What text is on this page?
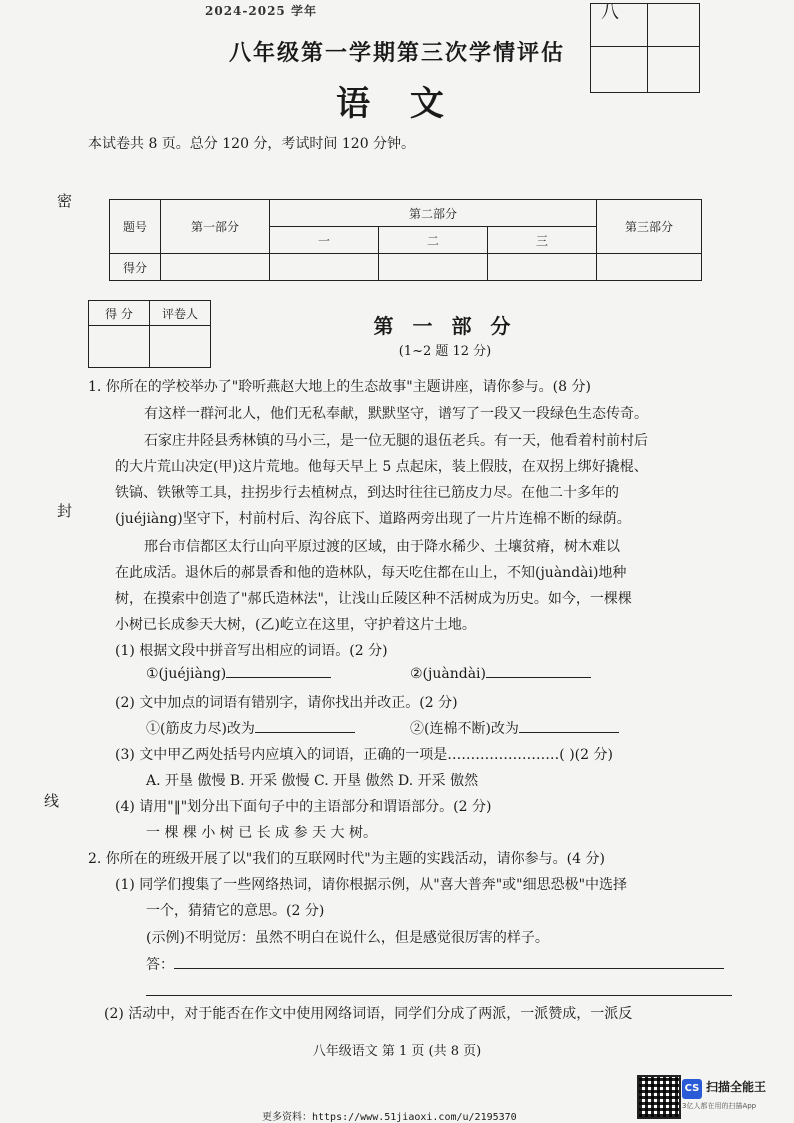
2024-2025 学年	八
八年级第一学期第三次学情评估
语 文
本试卷共 8 页。总分 120 分，考试时间 120 分钟。
密
封
线
题号	第一部分	第二部分			第三部分
		一	二	三	
得分					
得 分	评卷人

第 一 部 分
(1~2 题 12 分)
1. 你所在的学校举办了"聆听燕赵大地上的生态故事"主题讲座，请你参与。(8 分)
有这样一群河北人，他们无私奉献，默默坚守，谱写了一段又一段绿色生态传奇。
石家庄井陉县秀林镇的马小三，是一位无腿的退伍老兵。有一天，他看着村前村后
的大片荒山决定(甲)这片荒地。他每天早上 5 点起床，装上假肢，在双拐上绑好撬棍、
铁镐、铁锹等工具，拄拐步行去植树点，到达时往往已筋皮力尽。在他二十多年的
(juéjiàng)坚守下，村前村后、沟谷底下、道路两旁出现了一片片连棉不断的绿荫。
邢台市信都区太行山向平原过渡的区域，由于降水稀少、土壤贫瘠，树木难以
在此成活。退休后的郝景香和他的造林队，每天吃住都在山上，不知(juàndài)地种
树，在摸索中创造了"郝氏造林法"，让浅山丘陵区种不活树成为历史。如今，一棵棵
小树已长成参天大树，(乙)屹立在这里，守护着这片土地。
(1) 根据文段中拼音写出相应的词语。(2 分)
①(juéjiàng)	②(juàndài)
(2) 文中加点的词语有错别字，请你找出并改正。(2 分)
①(筋皮力尽)改为	②(连棉不断)改为
(3) 文中甲乙两处括号内应填入的词语，正确的一项是……………………( )(2 分)
A. 开垦 傲慢 B. 开采 傲慢 C. 开垦 傲然 D. 开采 傲然
(4) 请用"‖"划分出下面句子中的主语部分和谓语部分。(2 分)
一 棵 棵 小 树 已 长 成 参 天 大 树。
2. 你所在的班级开展了以"我们的互联网时代"为主题的实践活动，请你参与。(4 分)
(1) 同学们搜集了一些网络热词，请你根据示例，从"喜大普奔"或"细思恐极"中选择
一个，猜猜它的意思。(2 分)
(示例)不明觉厉：虽然不明白在说什么，但是感觉很厉害的样子。
答：
(2) 活动中，对于能否在作文中使用网络词语，同学们分成了两派，一派赞成，一派反
八年级语文 第 1 页 (共 8 页)
CS 扫描全能王
3亿人都在用的扫描App
更多资料：https://www.51jiaoxi.com/u/2195370
